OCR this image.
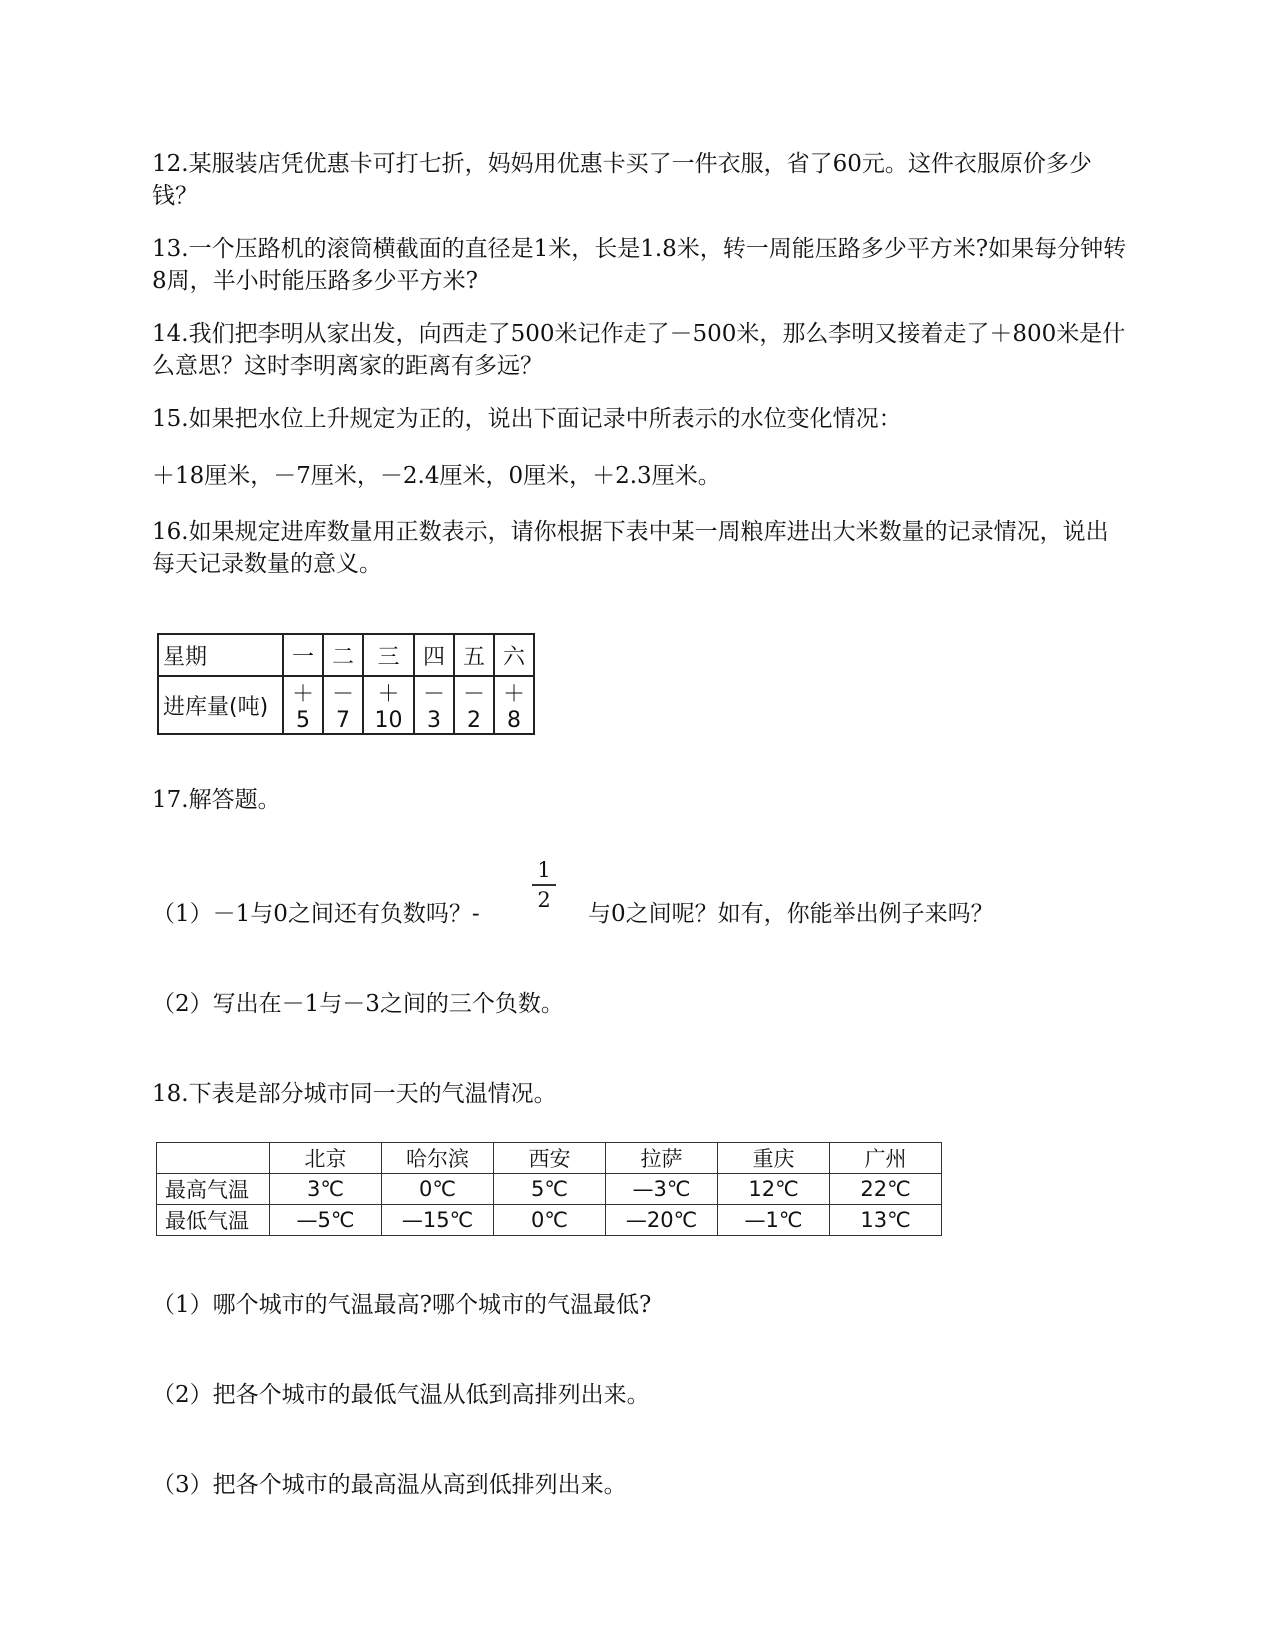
12.某服装店凭优惠卡可打七折，妈妈用优惠卡买了一件衣服，省了60元。这件衣服原价多少钱？

13.一个压路机的滚筒横截面的直径是1米，长是1.8米，转一周能压路多少平方米?如果每分钟转8周，半小时能压路多少平方米?

14.我们把李明从家出发，向西走了500米记作走了－500米，那么李明又接着走了＋800米是什么意思？这时李明离家的距离有多远？

15.如果把水位上升规定为正的，说出下面记录中所表示的水位变化情况：

＋18厘米，－7厘米，－2.4厘米，0厘米，＋2.3厘米。

16.如果规定进库数量用正数表示，请你根据下表中某一周粮库进出大米数量的记录情况，说出每天记录数量的意义。

星期	一	二	三	四	五	六
进库量(吨)	＋5	－7	＋10	－3	－2	＋8

17.解答题。

（1）－1与0之间还有负数吗？-

1
2

与0之间呢？如有，你能举出例子来吗？

（2）写出在－1与－3之间的三个负数。

18.下表是部分城市同一天的气温情况。

	北京	哈尔滨	西安	拉萨	重庆	广州
最高气温	3℃	0℃	5℃	—3℃	12℃	22℃
最低气温	—5℃	—15℃	0℃	—20℃	—1℃	13℃

（1）哪个城市的气温最高?哪个城市的气温最低?

（2）把各个城市的最低气温从低到高排列出来。

（3）把各个城市的最高温从高到低排列出来。
